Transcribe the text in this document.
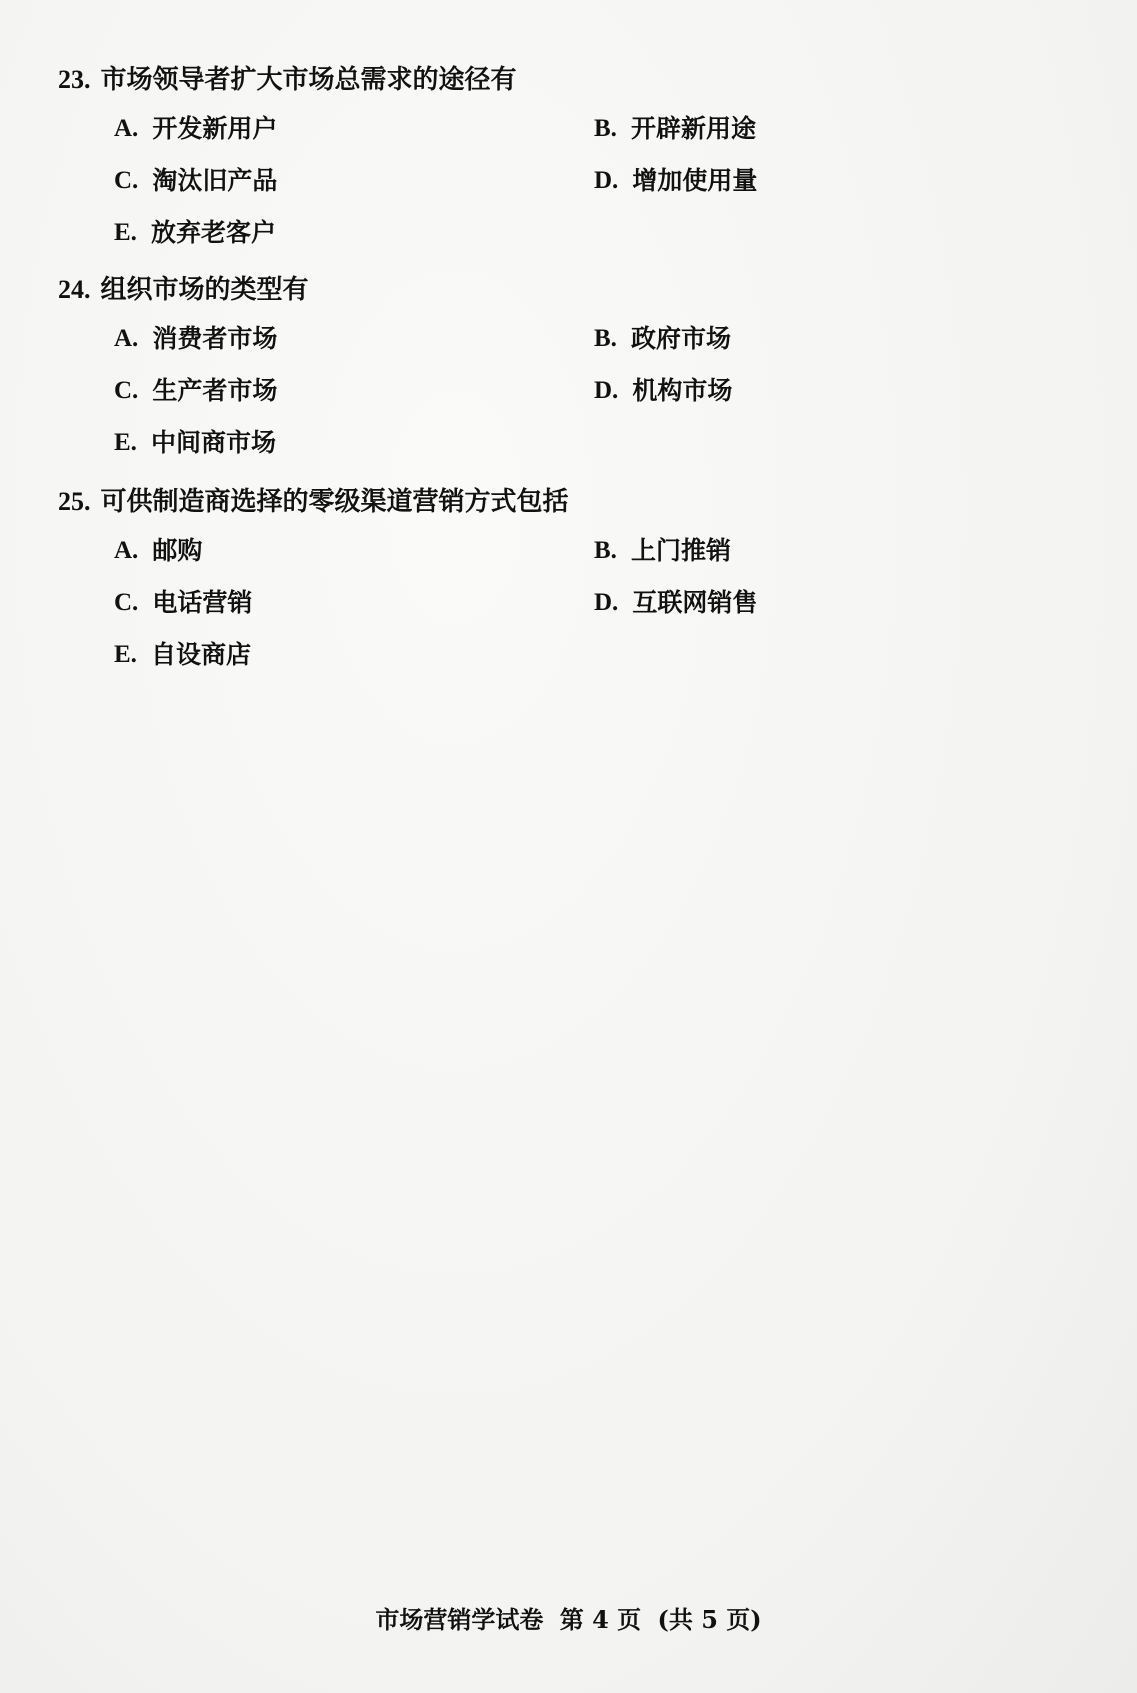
23. 市场领导者扩大市场总需求的途径有
A. 开发新用户	B. 开辟新用途
C. 淘汰旧产品	D. 增加使用量
E. 放弃老客户
24. 组织市场的类型有
A. 消费者市场	B. 政府市场
C. 生产者市场	D. 机构市场
E. 中间商市场
25. 可供制造商选择的零级渠道营销方式包括
A. 邮购	B. 上门推销
C. 电话营销	D. 互联网销售
E. 自设商店
市场营销学试卷 第 4 页 (共 5 页)
